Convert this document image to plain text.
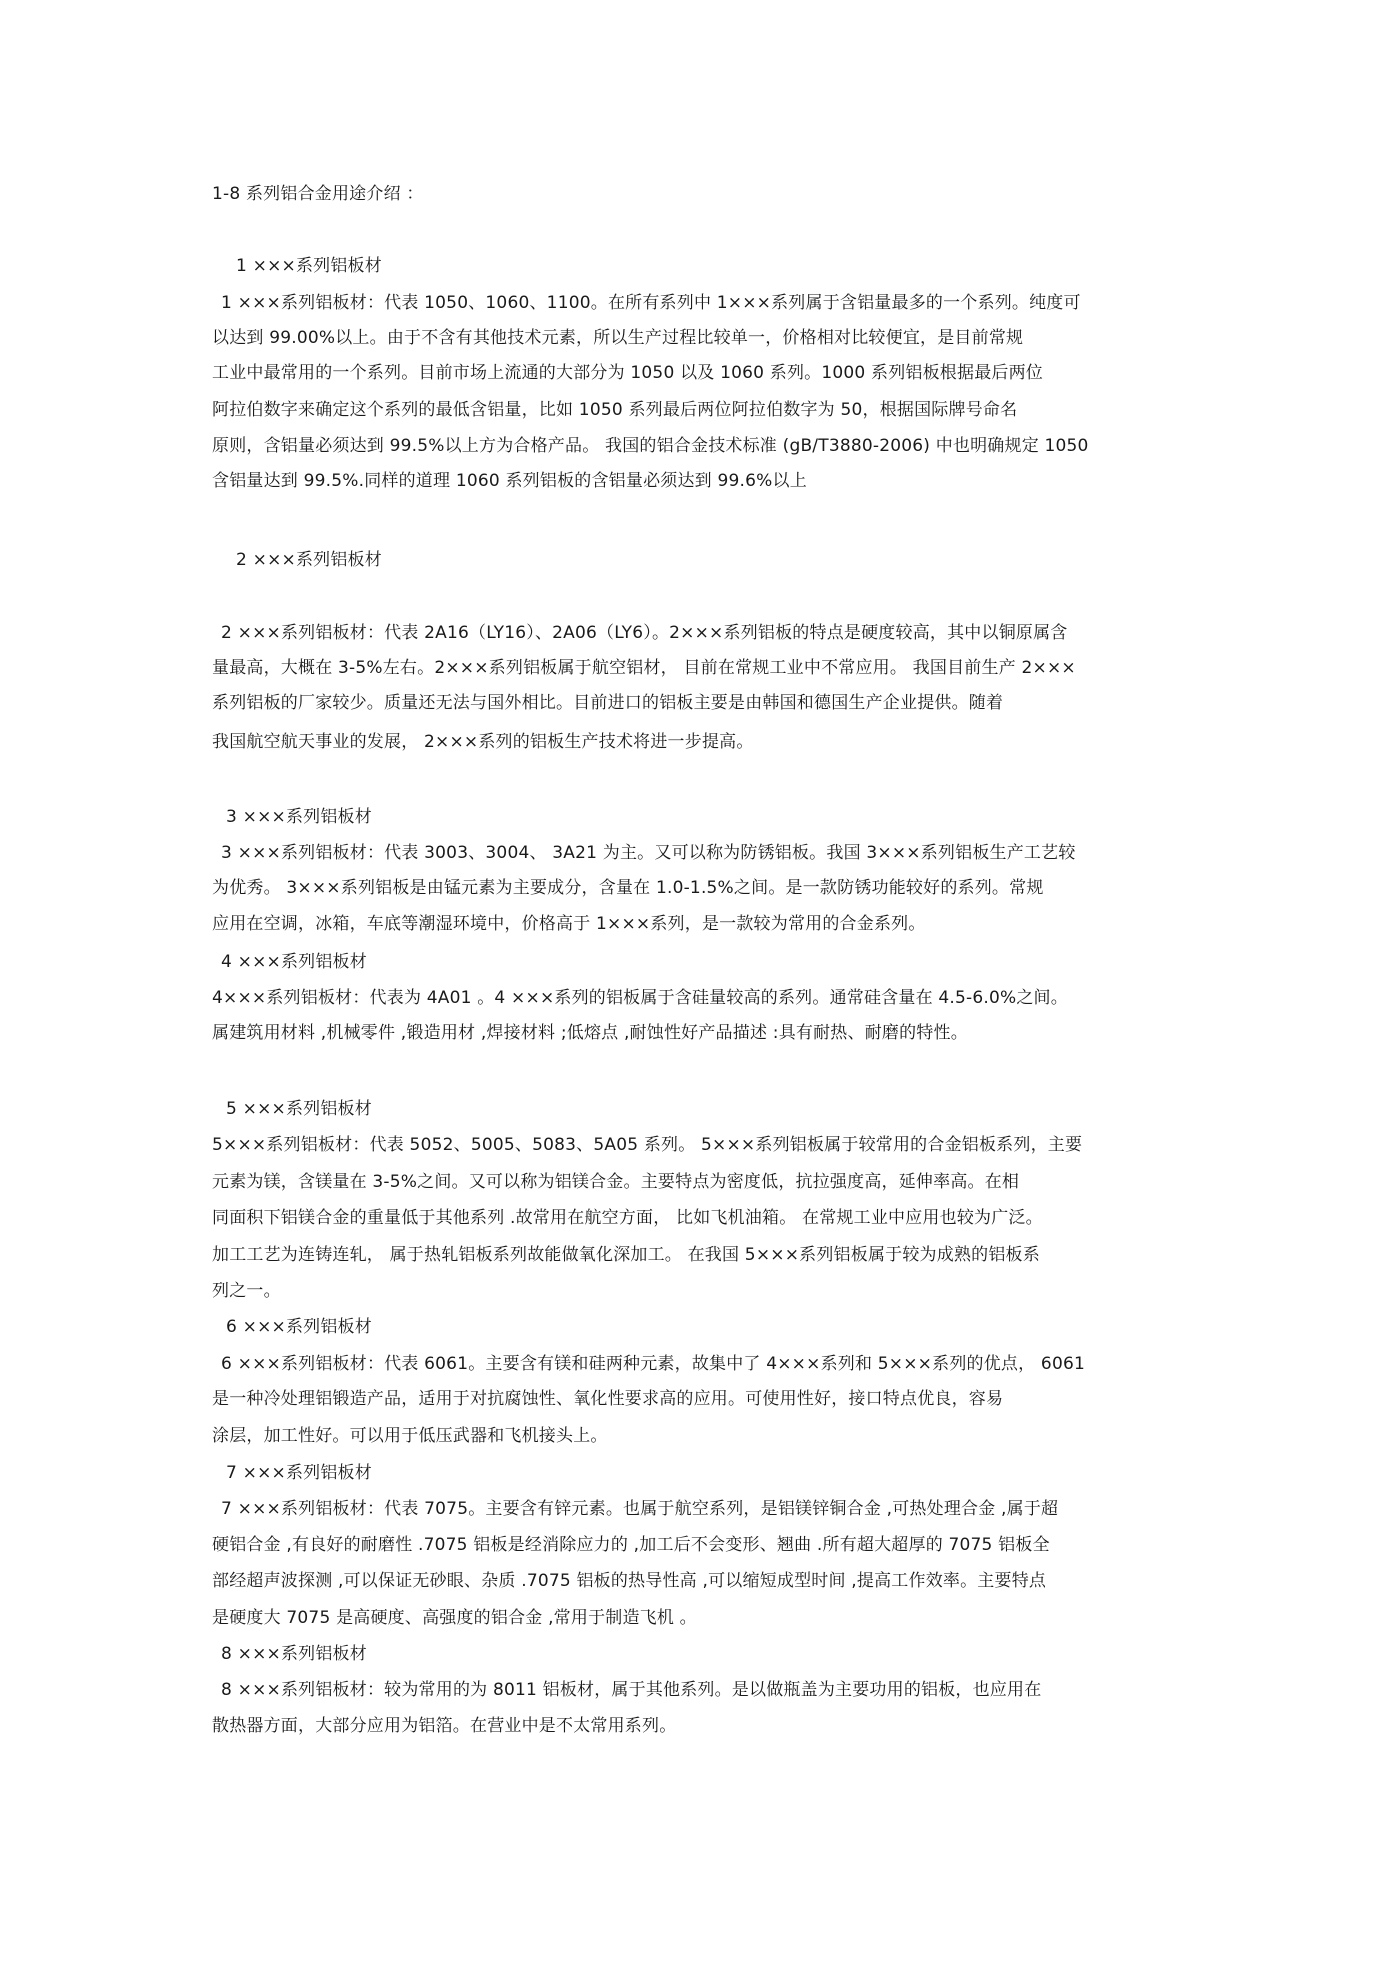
1-8 系列铝合金用途介绍 ：
1 ×××系列铝板材
1 ×××系列铝板材：代表 1050、1060、1100。在所有系列中 1×××系列属于含铝量最多的一个系列。纯度可
以达到 99.00%以上。由于不含有其他技术元素，所以生产过程比较单一，价格相对比较便宜，是目前常规
工业中最常用的一个系列。目前市场上流通的大部分为 1050 以及 1060 系列。1000 系列铝板根据最后两位
阿拉伯数字来确定这个系列的最低含铝量，比如 1050 系列最后两位阿拉伯数字为 50，根据国际牌号命名
原则，含铝量必须达到 99.5%以上方为合格产品。 我国的铝合金技术标准 (gB/T3880-2006) 中也明确规定 1050
含铝量达到 99.5%.同样的道理 1060 系列铝板的含铝量必须达到 99.6%以上
2 ×××系列铝板材
2 ×××系列铝板材：代表 2A16（LY16）、2A06（LY6）。2×××系列铝板的特点是硬度较高，其中以铜原属含
量最高，大概在 3-5%左右。2×××系列铝板属于航空铝材， 目前在常规工业中不常应用。 我国目前生产 2×××
系列铝板的厂家较少。质量还无法与国外相比。目前进口的铝板主要是由韩国和德国生产企业提供。随着
我国航空航天事业的发展， 2×××系列的铝板生产技术将进一步提高。
3 ×××系列铝板材
3 ×××系列铝板材：代表 3003、3004、 3A21 为主。又可以称为防锈铝板。我国 3×××系列铝板生产工艺较
为优秀。 3×××系列铝板是由锰元素为主要成分，含量在 1.0-1.5%之间。是一款防锈功能较好的系列。常规
应用在空调，冰箱，车底等潮湿环境中，价格高于 1×××系列，是一款较为常用的合金系列。
4 ×××系列铝板材
4×××系列铝板材：代表为 4A01 。4 ×××系列的铝板属于含硅量较高的系列。通常硅含量在 4.5-6.0%之间。
属建筑用材料 ,机械零件 ,锻造用材 ,焊接材料 ;低熔点 ,耐蚀性好产品描述 :具有耐热、耐磨的特性。
5 ×××系列铝板材
5×××系列铝板材：代表 5052、5005、5083、5A05 系列。 5×××系列铝板属于较常用的合金铝板系列，主要
元素为镁，含镁量在 3-5%之间。又可以称为铝镁合金。主要特点为密度低，抗拉强度高，延伸率高。在相
同面积下铝镁合金的重量低于其他系列 .故常用在航空方面， 比如飞机油箱。 在常规工业中应用也较为广泛。
加工工艺为连铸连轧， 属于热轧铝板系列故能做氧化深加工。 在我国 5×××系列铝板属于较为成熟的铝板系
列之一。
6 ×××系列铝板材
6 ×××系列铝板材：代表 6061。主要含有镁和硅两种元素，故集中了 4×××系列和 5×××系列的优点， 6061
是一种冷处理铝锻造产品，适用于对抗腐蚀性、氧化性要求高的应用。可使用性好，接口特点优良，容易
涂层，加工性好。可以用于低压武器和飞机接头上。
7 ×××系列铝板材
7 ×××系列铝板材：代表 7075。主要含有锌元素。也属于航空系列，是铝镁锌铜合金 ,可热处理合金 ,属于超
硬铝合金 ,有良好的耐磨性 .7075 铝板是经消除应力的 ,加工后不会变形、翘曲 .所有超大超厚的 7075 铝板全
部经超声波探测 ,可以保证无砂眼、杂质 .7075 铝板的热导性高 ,可以缩短成型时间 ,提高工作效率。主要特点
是硬度大 7075 是高硬度、高强度的铝合金 ,常用于制造飞机 。
8 ×××系列铝板材
8 ×××系列铝板材：较为常用的为 8011 铝板材，属于其他系列。是以做瓶盖为主要功用的铝板，也应用在
散热器方面，大部分应用为铝箔。在营业中是不太常用系列。
